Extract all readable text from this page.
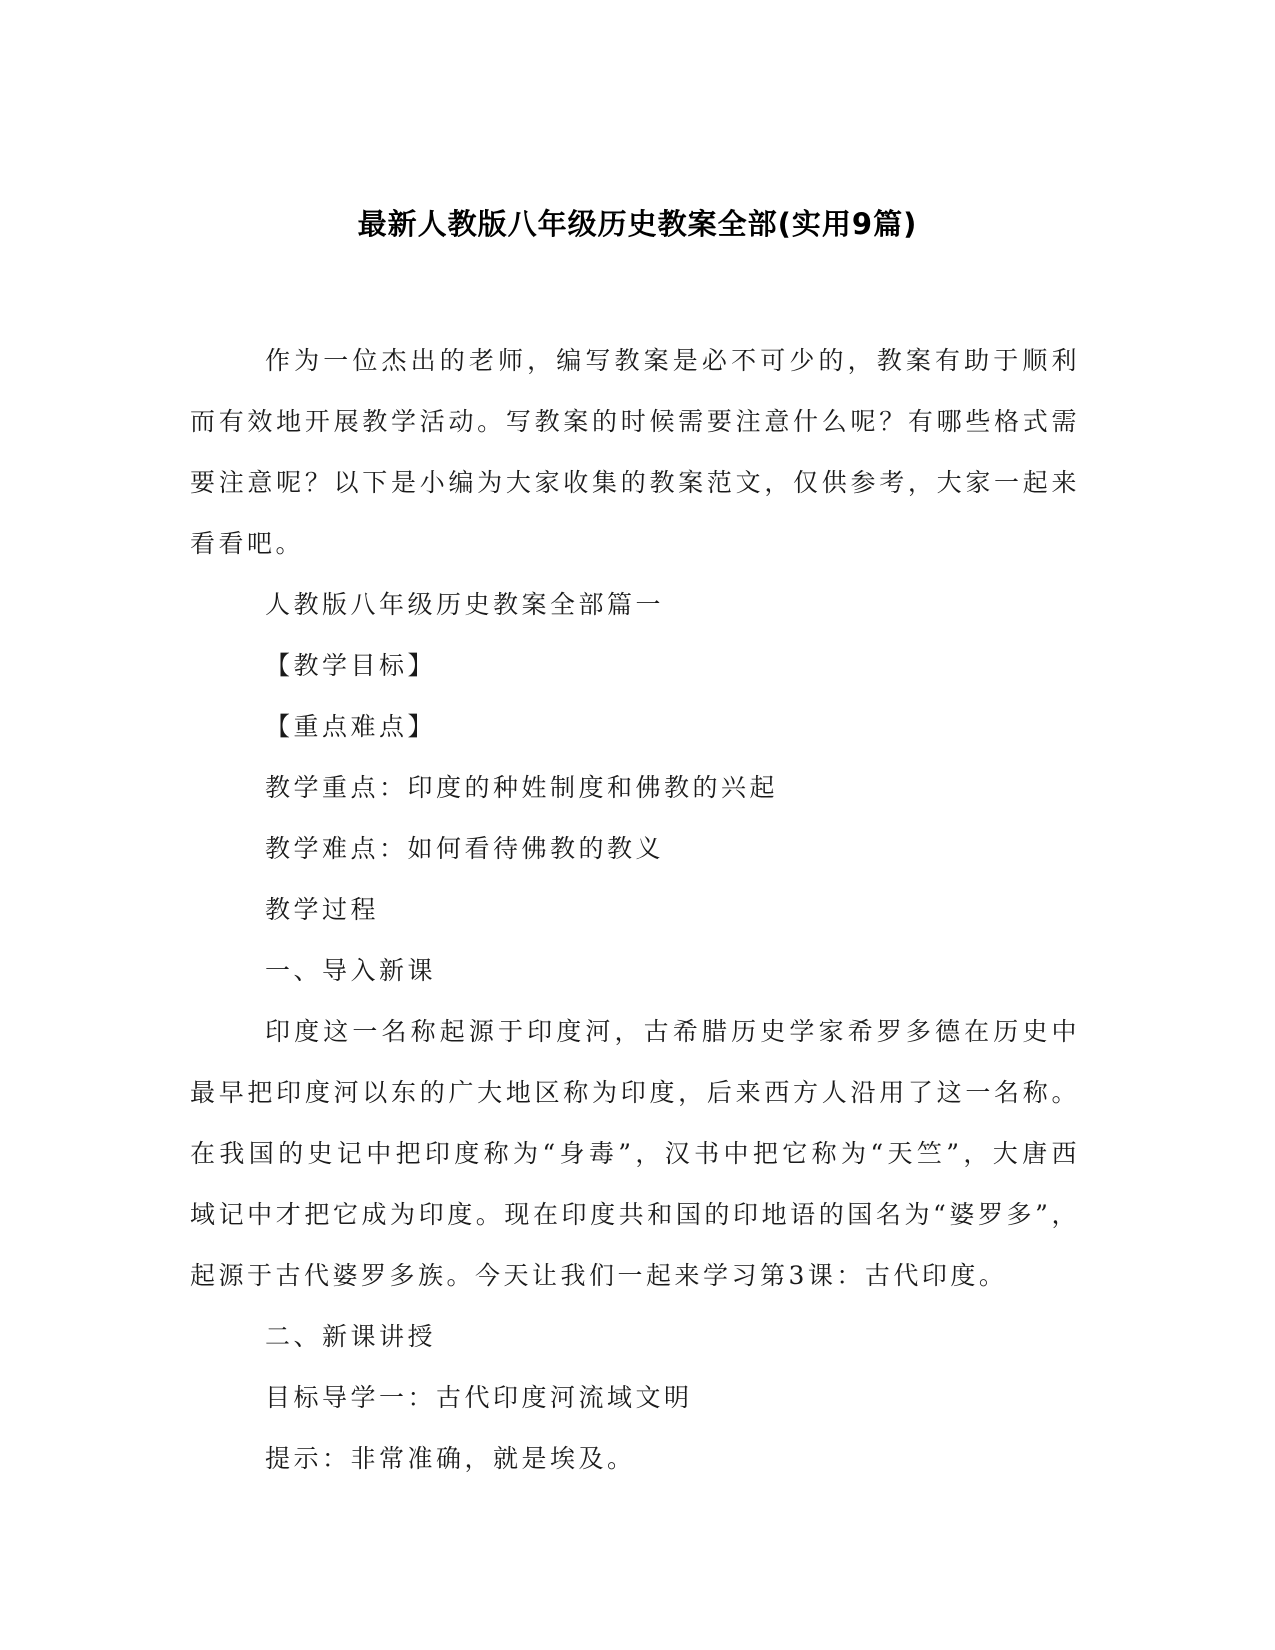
最新人教版八年级历史教案全部(实用9篇)

作为一位杰出的老师，编写教案是必不可少的，教案有助于顺利而有效地开展教学活动。写教案的时候需要注意什么呢？有哪些格式需要注意呢？以下是小编为大家收集的教案范文，仅供参考，大家一起来看看吧。

人教版八年级历史教案全部篇一

【教学目标】

【重点难点】

教学重点：印度的种姓制度和佛教的兴起

教学难点：如何看待佛教的教义

教学过程

一、导入新课

印度这一名称起源于印度河，古希腊历史学家希罗多德在历史中最早把印度河以东的广大地区称为印度，后来西方人沿用了这一名称。在我国的史记中把印度称为“身毒”，汉书中把它称为“天竺”，大唐西域记中才把它成为印度。现在印度共和国的印地语的国名为“婆罗多”，起源于古代婆罗多族。今天让我们一起来学习第3课：古代印度。

二、新课讲授

目标导学一：古代印度河流域文明

提示：非常准确，就是埃及。
